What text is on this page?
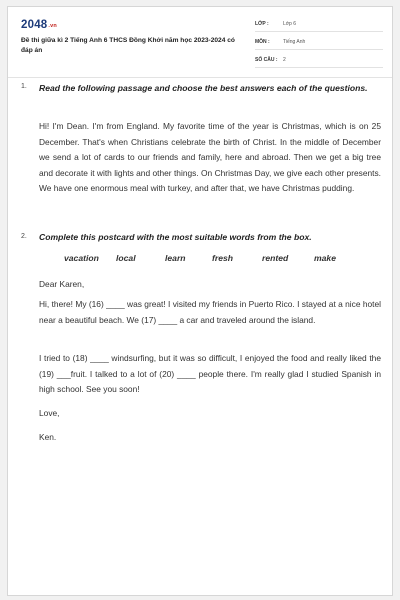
2048.vn
Đề thi giữa kì 2 Tiếng Anh 6 THCS Đồng Khởi năm học 2023-2024 có đáp án
LỚP :	Lớp 6
MÔN :	Tiếng Anh
SỐ CÂU : 2
1. Read the following passage and choose the best answers each of the questions.
Hi! I'm Dean. I'm from England. My favorite time of the year is Christmas, which is on 25 December. That's when Christians celebrate the birth of Christ. In the middle of December we send a lot of cards to our friends and family, here and abroad. Then we get a big tree and decorate it with lights and other things. On Christmas Day, we give each other presents. We have one enormous meal with turkey, and after that, we have Christmas pudding.
2. Complete this postcard with the most suitable words from the box.
vacation local	learn	fresh	rented	make
Dear Karen,
Hi, there! My (16) ____ was great! I visited my friends in Puerto Rico. I stayed at a nice hotel near a beautiful beach. We (17) ____ a car and traveled around the island.
I tried to (18) ____ windsurfing, but it was so difficult, I enjoyed the food and really liked the (19) ___fruit. I talked to a lot of (20) ____ people there. I'm really glad I studied Spanish in high school. See you soon!
Love,
Ken.
